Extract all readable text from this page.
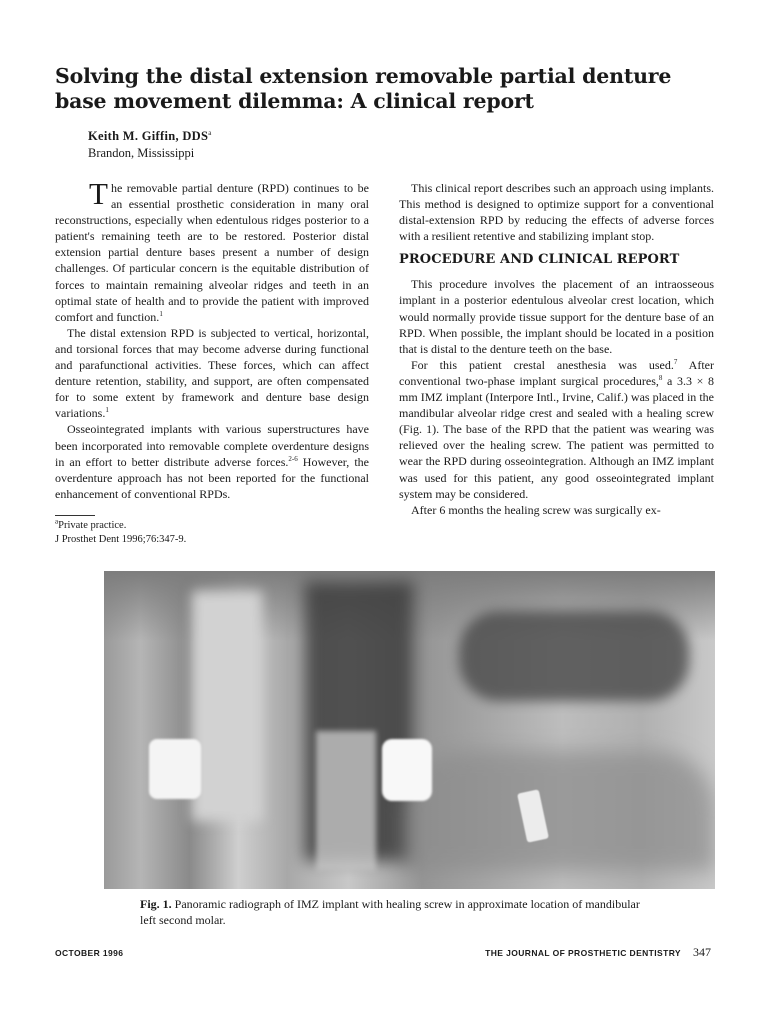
Solving the distal extension removable partial denture base movement dilemma: A clinical report
Keith M. Giffin, DDS$^a$
Brandon, Mississippi

The removable partial denture (RPD) continues to be an essential prosthetic consideration in many oral reconstructions, especially when edentulous ridges posterior to a patient's remaining teeth are to be restored. Posterior distal extension partial denture bases present a number of design challenges. Of particular concern is the equitable distribution of forces to maintain remaining alveolar ridges and teeth in an optimal state of health and to provide the patient with improved comfort and function.$^1$

The distal extension RPD is subjected to vertical, horizontal, and torsional forces that may become adverse during functional and parafunctional activities. These forces, which can affect denture retention, stability, and support, are often compensated for to some extent by framework and denture base design variations.$^1$

Osseointegrated implants with various superstructures have been incorporated into removable complete overdenture designs in an effort to better distribute adverse forces.$^{2-6}$ However, the overdenture approach has not been reported for the functional enhancement of conventional RPDs.

$^a$Private practice.
J Prosthet Dent 1996;76:347-9.

This clinical report describes such an approach using implants. This method is designed to optimize support for a conventional distal-extension RPD by reducing the effects of adverse forces with a resilient retentive and stabilizing implant stop.

PROCEDURE AND CLINICAL REPORT

This procedure involves the placement of an intraosseous implant in a posterior edentulous alveolar crest location, which would normally provide tissue support for the denture base of an RPD. When possible, the implant should be located in a position that is distal to the denture teeth on the base.

For this patient crestal anesthesia was used.$^7$ After conventional two-phase implant surgical procedures,$^8$ a 3.3 × 8 mm IMZ implant (Interpore Intl., Irvine, Calif.) was placed in the mandibular alveolar ridge crest and sealed with a healing screw (Fig. 1). The base of the RPD that the patient was wearing was relieved over the healing screw. The patient was permitted to wear the RPD during osseointegration. Although an IMZ implant was used for this patient, any good osseointegrated implant system may be considered.

After 6 months the healing screw was surgically ex-

Fig. 1. Panoramic radiograph of IMZ implant with healing screw in approximate location of mandibular left second molar.
OCTOBER 1996	THE JOURNAL OF PROSTHETIC DENTISTRY 347
